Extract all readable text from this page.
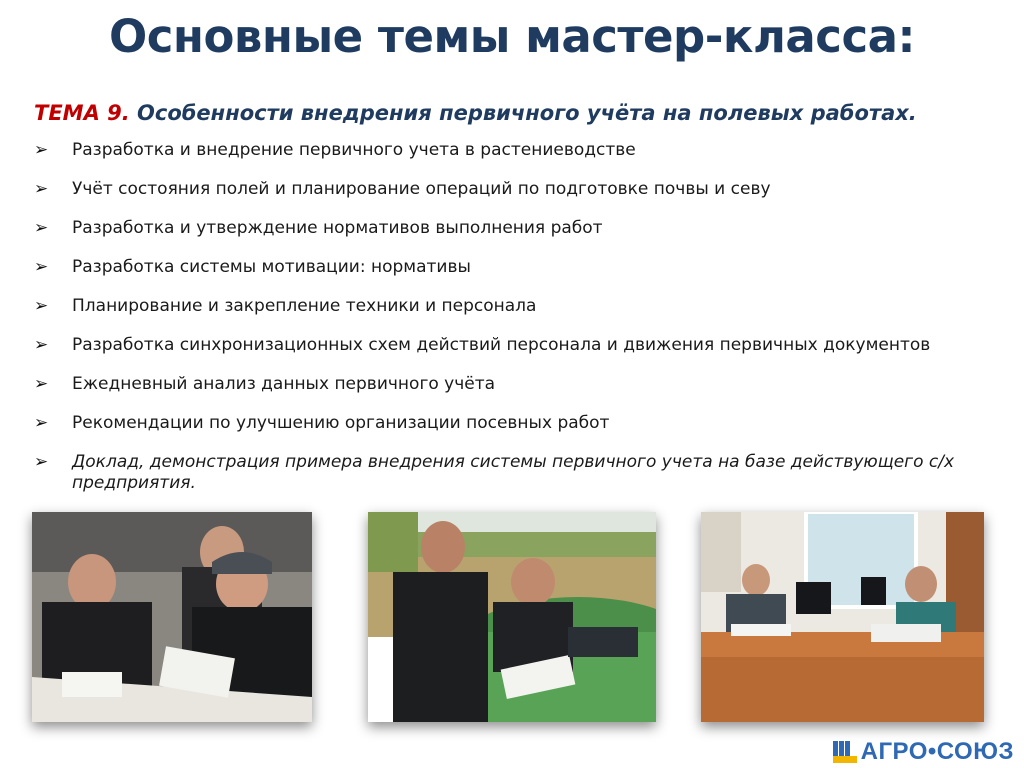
Основные темы мастер-класса:
ТЕМА 9. Особенности внедрения первичного учёта на полевых работах.
➢ Разработка и внедрение первичного учета в растениеводстве
➢ Учёт состояния полей и планирование операций по подготовке почвы и севу
➢ Разработка и утверждение нормативов выполнения работ
➢ Разработка системы мотивации: нормативы
➢ Планирование и закрепление техники и персонала
➢ Разработка синхронизационных схем действий персонала и движения первичных документов
➢ Ежедневный анализ данных первичного учёта
➢ Рекомендации по улучшению организации посевных работ
➢ Доклад, демонстрация примера внедрения системы первичного учета на базе действующего с/х предприятия.
АГРО•СОЮЗ
